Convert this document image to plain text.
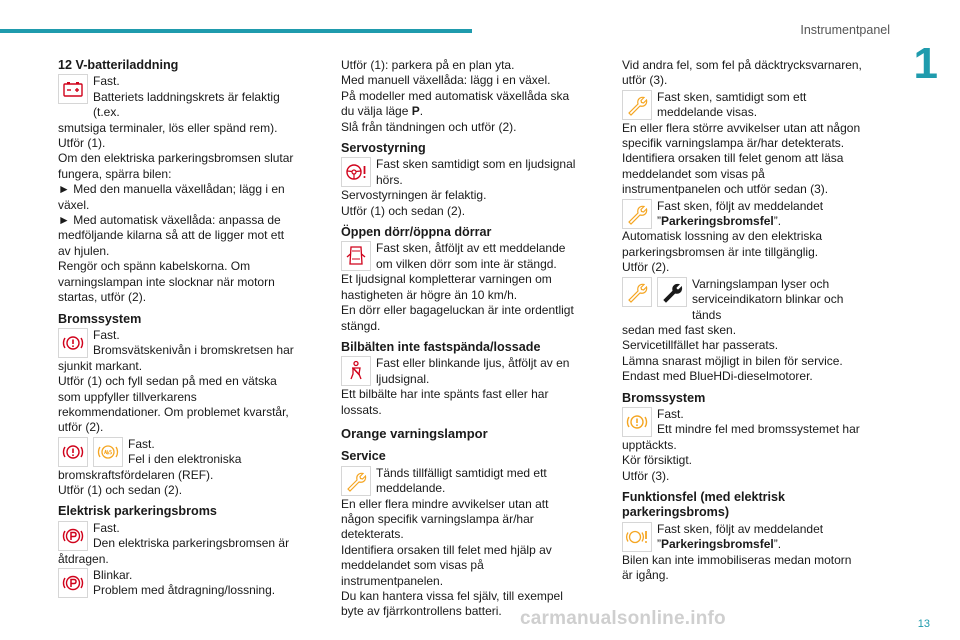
Instrumentpanel
1

12 V-batteriladdning

Fast.

Batteriets laddningskrets är felaktig (t.ex.

smutsiga terminaler, lös eller spänd rem).

Utför (1).

Om den elektriska parkeringsbromsen slutar fungera, spärra bilen:

► Med den manuella växellådan; lägg i en växel.

► Med automatisk växellåda: anpassa de medföljande kilarna så att de ligger mot ett av hjulen.

Rengör och spänn kabelskorna. Om varningslampan inte slocknar när motorn startas, utför (2).

Bromssystem

Fast.

Bromsvätskenivån i bromskretsen har

sjunkit markant.

Utför (1) och fyll sedan på med en vätska som uppfyller tillverkarens rekommendationer. Om problemet kvarstår, utför (2).

Fast.

Fel i den elektroniska

bromskraftsfördelaren (REF).

Utför (1) och sedan (2).

Elektrisk parkeringsbroms

Fast.

Den elektriska parkeringsbromsen är

åtdragen.

Blinkar.

Problem med åtdragning/lossning.

Utför (1): parkera på en plan yta.

Med manuell växellåda: lägg i en växel.

På modeller med automatisk växellåda ska du välja läge P.

Slå från tändningen och utför (2).

Servostyrning

Fast sken samtidigt som en ljudsignal hörs.

Servostyrningen är felaktig.

Utför (1) och sedan (2).

Öppen dörr/öppna dörrar

Fast sken, åtföljt av ett meddelande om vilken dörr som inte är stängd.

Et ljudsignal kompletterar varningen om hastigheten är högre än 10 km/h.

En dörr eller bagageluckan är inte ordentligt stängd.

Bilbälten inte fastspända/lossade

Fast eller blinkande ljus, åtföljt av en ljudsignal.

Ett bilbälte har inte spänts fast eller har lossats.

Orange varningslampor

Service

Tänds tillfälligt samtidigt med ett meddelande.

En eller flera mindre avvikelser utan att någon specifik varningslampa är/har detekterats.

Identifiera orsaken till felet med hjälp av meddelandet som visas på instrumentpanelen.

Du kan hantera vissa fel själv, till exempel byte av fjärrkontrollens batteri.

Vid andra fel, som fel på däcktrycksvarnaren, utför (3).

Fast sken, samtidigt som ett meddelande visas.

En eller flera större avvikelser utan att någon specifik varningslampa är/har detekterats.

Identifiera orsaken till felet genom att läsa meddelandet som visas på instrumentpanelen och utför sedan (3).

Fast sken, följt av meddelandet ”Parkeringsbromsfel”.

Automatisk lossning av den elektriska parkeringsbromsen är inte tillgänglig.

Utför (2).

Varningslampan lyser och serviceindikatorn blinkar och tänds

sedan med fast sken.

Servicetillfället har passerats.

Lämna snarast möjligt in bilen för service.

Endast med BlueHDi-dieselmotorer.

Bromssystem

Fast.

Ett mindre fel med bromssystemet har

upptäckts.

Kör försiktigt.

Utför (3).

Funktionsfel (med elektrisk parkeringsbroms)

Fast sken, följt av meddelandet ”Parkeringsbromsfel”.

Bilen kan inte immobiliseras medan motorn är igång.

carmanualsonline.info	13
